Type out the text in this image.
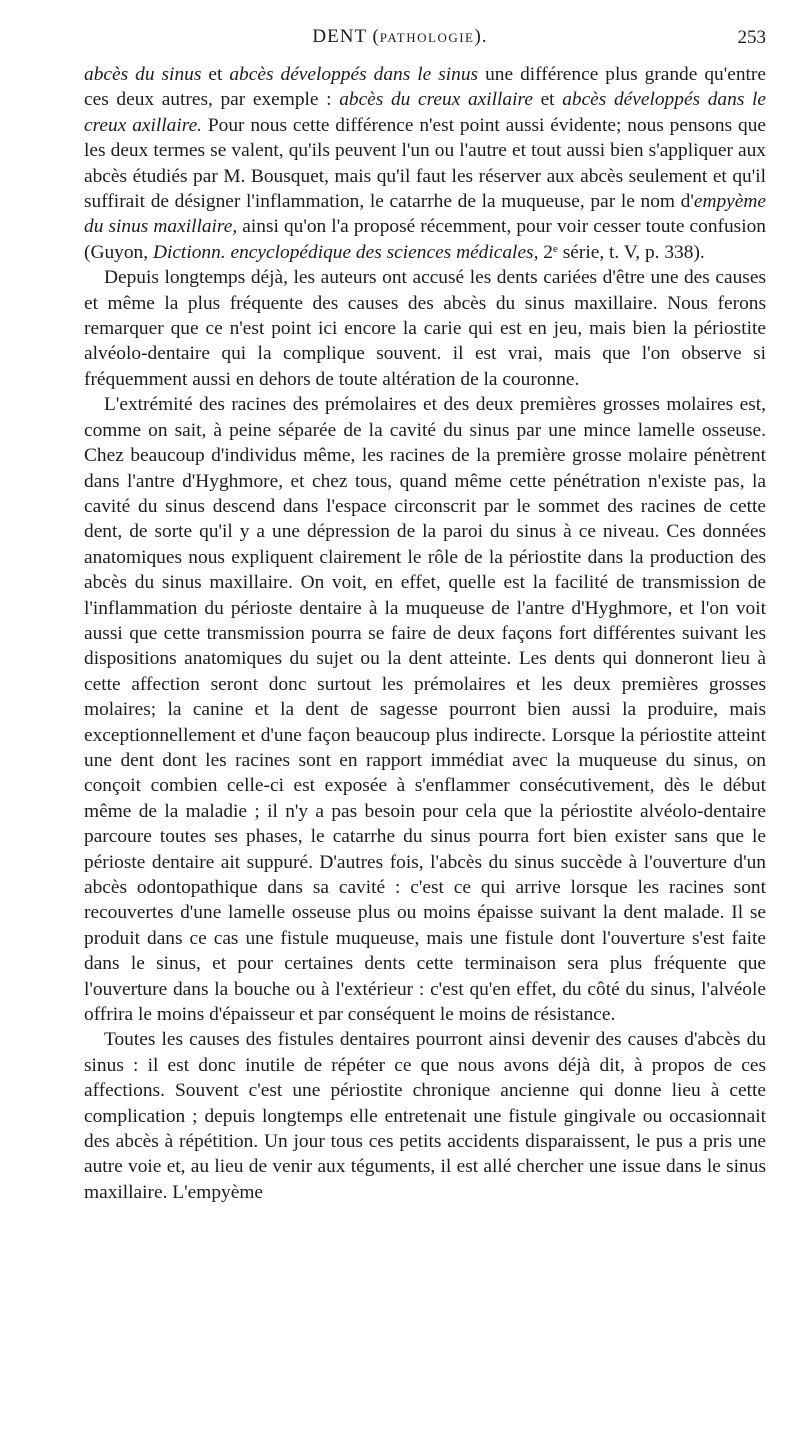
DENT (PATHOLOGIE).	253

abcès du sinus et abcès développés dans le sinus une différence plus grande qu'entre ces deux autres, par exemple : abcès du creux axillaire et abcès développés dans le creux axillaire. Pour nous cette différence n'est point aussi évidente; nous pensons que les deux termes se valent, qu'ils peuvent l'un ou l'autre et tout aussi bien s'appliquer aux abcès étudiés par M. Bousquet, mais qu'il faut les réserver aux abcès seulement et qu'il suffirait de désigner l'inflammation, le catarrhe de la muqueuse, par le nom d'empyème du sinus maxillaire, ainsi qu'on l'a proposé récemment, pour voir cesser toute confusion (Guyon, Dictionn. encyclopédique des sciences médicales, 2e série, t. V, p. 338).

Depuis longtemps déjà, les auteurs ont accusé les dents cariées d'être une des causes et même la plus fréquente des causes des abcès du sinus maxillaire. Nous ferons remarquer que ce n'est point ici encore la carie qui est en jeu, mais bien la périostite alvéolo-dentaire qui la complique souvent. il est vrai, mais que l'on observe si fréquemment aussi en dehors de toute altération de la couronne.

L'extrémité des racines des prémolaires et des deux premières grosses molaires est, comme on sait, à peine séparée de la cavité du sinus par une mince lamelle osseuse. Chez beaucoup d'individus même, les racines de la première grosse molaire pénètrent dans l'antre d'Hyghmore, et chez tous, quand même cette pénétration n'existe pas, la cavité du sinus descend dans l'espace circonscrit par le sommet des racines de cette dent, de sorte qu'il y a une dépression de la paroi du sinus à ce niveau. Ces données anatomiques nous expliquent clairement le rôle de la périostite dans la production des abcès du sinus maxillaire. On voit, en effet, quelle est la facilité de transmission de l'inflammation du périoste dentaire à la muqueuse de l'antre d'Hyghmore, et l'on voit aussi que cette transmission pourra se faire de deux façons fort différentes suivant les dispositions anatomiques du sujet ou la dent atteinte. Les dents qui donneront lieu à cette affection seront donc surtout les prémolaires et les deux premières grosses molaires; la canine et la dent de sagesse pourront bien aussi la produire, mais exceptionnellement et d'une façon beaucoup plus indirecte. Lorsque la périostite atteint une dent dont les racines sont en rapport immédiat avec la muqueuse du sinus, on conçoit combien celle-ci est exposée à s'enflammer consécutivement, dès le début même de la maladie ; il n'y a pas besoin pour cela que la périostite alvéolo-dentaire parcoure toutes ses phases, le catarrhe du sinus pourra fort bien exister sans que le périoste dentaire ait suppuré. D'autres fois, l'abcès du sinus succède à l'ouverture d'un abcès odontopathique dans sa cavité : c'est ce qui arrive lorsque les racines sont recouvertes d'une lamelle osseuse plus ou moins épaisse suivant la dent malade. Il se produit dans ce cas une fistule muqueuse, mais une fistule dont l'ouverture s'est faite dans le sinus, et pour certaines dents cette terminaison sera plus fréquente que l'ouverture dans la bouche ou à l'extérieur : c'est qu'en effet, du côté du sinus, l'alvéole offrira le moins d'épaisseur et par conséquent le moins de résistance.

Toutes les causes des fistules dentaires pourront ainsi devenir des causes d'abcès du sinus : il est donc inutile de répéter ce que nous avons déjà dit, à propos de ces affections. Souvent c'est une périostite chronique ancienne qui donne lieu à cette complication ; depuis longtemps elle entretenait une fistule gingivale ou occasionnait des abcès à répétition. Un jour tous ces petits accidents disparaissent, le pus a pris une autre voie et, au lieu de venir aux téguments, il est allé chercher une issue dans le sinus maxillaire. L'empyème
